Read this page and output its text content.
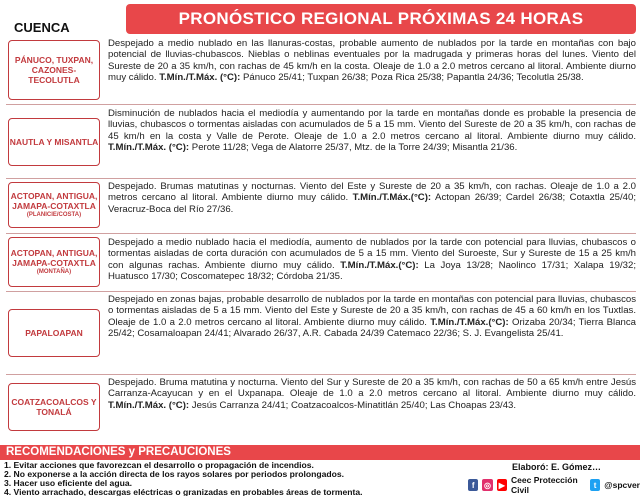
PRONÓSTICO REGIONAL PRÓXIMAS 24 HORAS
CUENCA
PÁNUCO, TUXPAN, CAZONES-TECOLUTLA
Despejado a medio nublado en las llanuras-costas, probable aumento de nublados por la tarde en montañas con bajo potencial de lluvias-chubascos. Nieblas o neblinas eventuales por la madrugada y primeras horas del lunes. Viento del Sureste de 20 a 35 km/h, con rachas de 45 km/h en la costa. Oleaje de 1.0 a 2.0 metros cercano al litoral. Ambiente diurno muy cálido. T.Mín./T.Máx. (°C): Pánuco 25/41; Tuxpan 26/38; Poza Rica 25/38; Papantla 24/36; Tecolutla 25/38.
NAUTLA Y MISANTLA
Disminución de nublados hacia el mediodía y aumentando por la tarde en montañas donde es probable la presencia de lluvias, chubascos o tormentas aisladas con acumulados de 5 a 15 mm. Viento del Sureste de 20 a 35 km/h, con rachas de 45 km/h en la costa y Valle de Perote. Oleaje de 1.0 a 2.0 metros cercano al litoral. Ambiente diurno muy cálido. T.Mín./T.Máx. (°C): Perote 11/28; Vega de Alatorre 25/37, Mtz. de la Torre 24/39; Misantla 21/36.
ACTOPAN, ANTIGUA, JAMAPA-COTAXTLA
(PLANICIE/COSTA)
Despejado. Brumas matutinas y nocturnas. Viento del Este y Sureste de 20 a 35 km/h, con rachas. Oleaje de 1.0 a 2.0 metros cercano al litoral. Ambiente diurno muy cálido. T.Mín./T.Máx.(°C): Actopan 26/39; Cardel 26/38; Cotaxtla 25/40; Veracruz-Boca del Río 27/36.
ACTOPAN, ANTIGUA, JAMAPA-COTAXTLA
(MONTAÑA)
Despejado a medio nublado hacia el mediodía, aumento de nublados por la tarde con potencial para lluvias, chubascos o tormentas aisladas de corta duración con acumulados de 5 a 15 mm. Viento del Suroeste, Sur y Sureste de 15 a 25 km/h con algunas rachas. Ambiente diurno muy cálido. T.Mín./T.Máx.(°C): La Joya 13/28; Naolinco 17/31; Xalapa 19/32; Huatusco 17/30; Coscomatepec 18/32; Córdoba 21/35.
PAPALOAPAN
Despejado en zonas bajas, probable desarrollo de nublados por la tarde en montañas con potencial para lluvias, chubascos o tormentas aisladas de 5 a 15 mm. Viento del Este y Sureste de 20 a 35 km/h, con rachas de 45 a 60 km/h en los Tuxtlas. Oleaje de 1.0 a 2.0 metros cercano al litoral. Ambiente diurno muy cálido. T.Mín./T.Máx.(°C): Orizaba 20/34; Tierra Blanca 25/42; Cosamaloapan 24/41; Alvarado 26/37, A.R. Cabada 24/39 Catemaco 22/36; S. J. Evangelista 25/41.
COATZACOALCOS Y TONALÁ
Despejado. Bruma matutina y nocturna. Viento del Sur y Sureste de 20 a 35 km/h, con rachas de 50 a 65 km/h entre Jesús Carranza-Acayucan y en el Uxpanapa. Oleaje de 1.0 a 2.0 metros cercano al litoral. Ambiente diurno muy cálido. T.Mín./T.Máx. (°C): Jesús Carranza 24/41; Coatzacoalcos-Minatitlán 25/40; Las Choapas 23/43.
RECOMENDACIONES y PRECAUCIONES
1. Evitar acciones que favorezcan el desarrollo o propagación de incendios.
2. No exponerse a la acción directa de los rayos solares por periodos prolongados.
3. Hacer uso eficiente del agua.
4. Viento arrachado, descargas eléctricas o granizadas en probables áreas de tormenta.
Elaboró: E. Gómez…
f	◎ ▶ Ceec Protección Civil	t @spcver
